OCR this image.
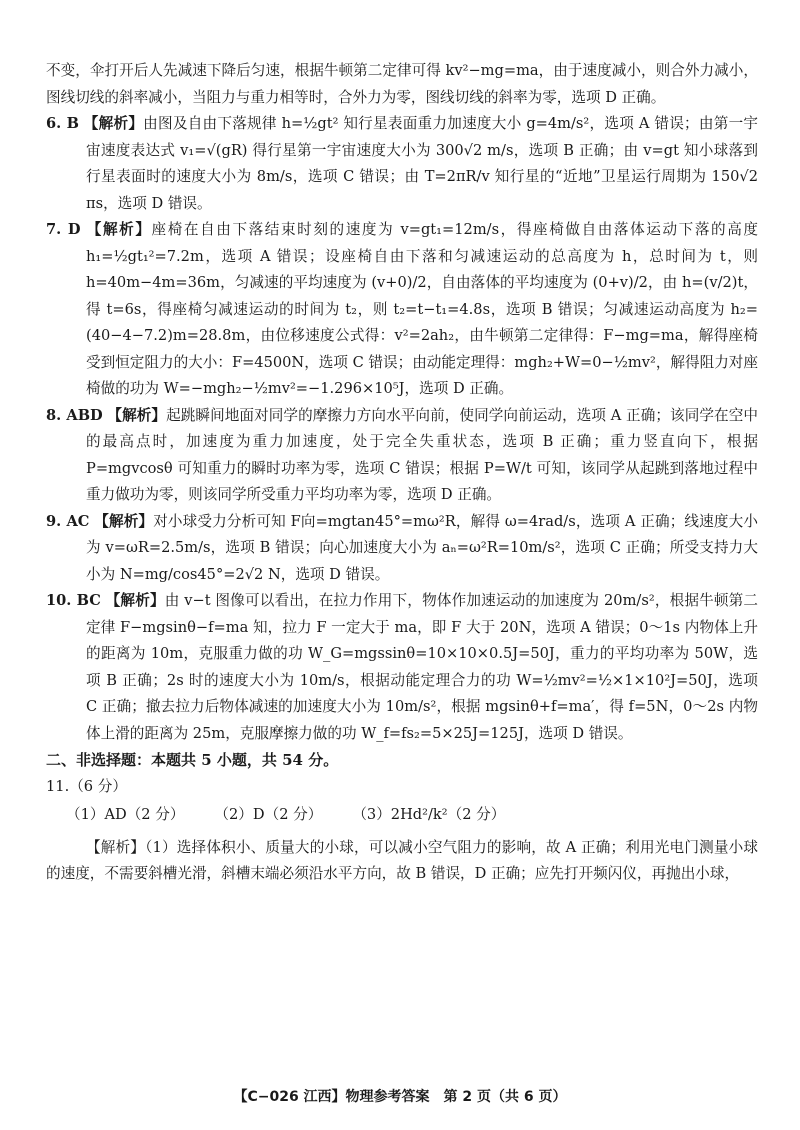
不变，伞打开后人先减速下降后匀速，根据牛顿第二定律可得 kv²−mg=ma，由于速度减小，则合外力减小，图线切线的斜率减小，当阻力与重力相等时，合外力为零，图线切线的斜率为零，选项 D 正确。

6. B 【解析】由图及自由下落规律 h=½gt² 知行星表面重力加速度大小 g=4m/s²，选项 A 错误；由第一宇宙速度表达式 v₁=√(gR) 得行星第一宇宙速度大小为 300√2 m/s，选项 B 正确；由 v=gt 知小球落到行星表面时的速度大小为 8m/s，选项 C 错误；由 T=2πR/v 知行星的“近地”卫星运行周期为 150√2 πs，选项 D 错误。

7. D 【解析】座椅在自由下落结束时刻的速度为 v=gt₁=12m/s，得座椅做自由落体运动下落的高度 h₁=½gt₁²=7.2m，选项 A 错误；设座椅自由下落和匀减速运动的总高度为 h，总时间为 t，则 h=40m−4m=36m，匀减速的平均速度为 (v+0)/2，自由落体的平均速度为 (0+v)/2，由 h=(v/2)t，得 t=6s，得座椅匀减速运动的时间为 t₂，则 t₂=t−t₁=4.8s，选项 B 错误；匀减速运动高度为 h₂=(40−4−7.2)m=28.8m，由位移速度公式得：v²=2ah₂，由牛顿第二定律得：F−mg=ma，解得座椅受到恒定阻力的大小：F=4500N，选项 C 错误；由动能定理得：mgh₂+W=0−½mv²，解得阻力对座椅做的功为 W=−mgh₂−½mv²=−1.296×10⁵J，选项 D 正确。

8. ABD 【解析】起跳瞬间地面对同学的摩擦力方向水平向前，使同学向前运动，选项 A 正确；该同学在空中的最高点时，加速度为重力加速度，处于完全失重状态，选项 B 正确；重力竖直向下，根据 P=mgvcosθ 可知重力的瞬时功率为零，选项 C 错误；根据 P=W/t 可知，该同学从起跳到落地过程中重力做功为零，则该同学所受重力平均功率为零，选项 D 正确。

9. AC 【解析】对小球受力分析可知 F向=mgtan45°=mω²R，解得 ω=4rad/s，选项 A 正确；线速度大小为 v=ωR=2.5m/s，选项 B 错误；向心加速度大小为 aₙ=ω²R=10m/s²，选项 C 正确；所受支持力大小为 N=mg/cos45°=2√2 N，选项 D 错误。

10. BC 【解析】由 v−t 图像可以看出，在拉力作用下，物体作加速运动的加速度为 20m/s²，根据牛顿第二定律 F−mgsinθ−f=ma 知，拉力 F 一定大于 ma，即 F 大于 20N，选项 A 错误；0～1s 内物体上升的距离为 10m，克服重力做的功 W_G=mgssinθ=10×10×0.5J=50J，重力的平均功率为 50W，选项 B 正确；2s 时的速度大小为 10m/s，根据动能定理合力的功 W=½mv²=½×1×10²J=50J，选项 C 正确；撤去拉力后物体减速的加速度大小为 10m/s²，根据 mgsinθ+f=ma′，得 f=5N，0～2s 内物体上滑的距离为 25m，克服摩擦力做的功 W_f=fs₂=5×25J=125J，选项 D 错误。

二、非选择题：本题共 5 小题，共 54 分。

11.（6 分）

（1）AD（2 分） （2）D（2 分） （3）2Hd²/k²（2 分）

【解析】（1）选择体积小、质量大的小球，可以减小空气阻力的影响，故 A 正确；利用光电门测量小球的速度，不需要斜槽光滑，斜槽末端必须沿水平方向，故 B 错误，D 正确；应先打开频闪仪，再抛出小球，

【C−026 江西】物理参考答案　第 2 页（共 6 页）
